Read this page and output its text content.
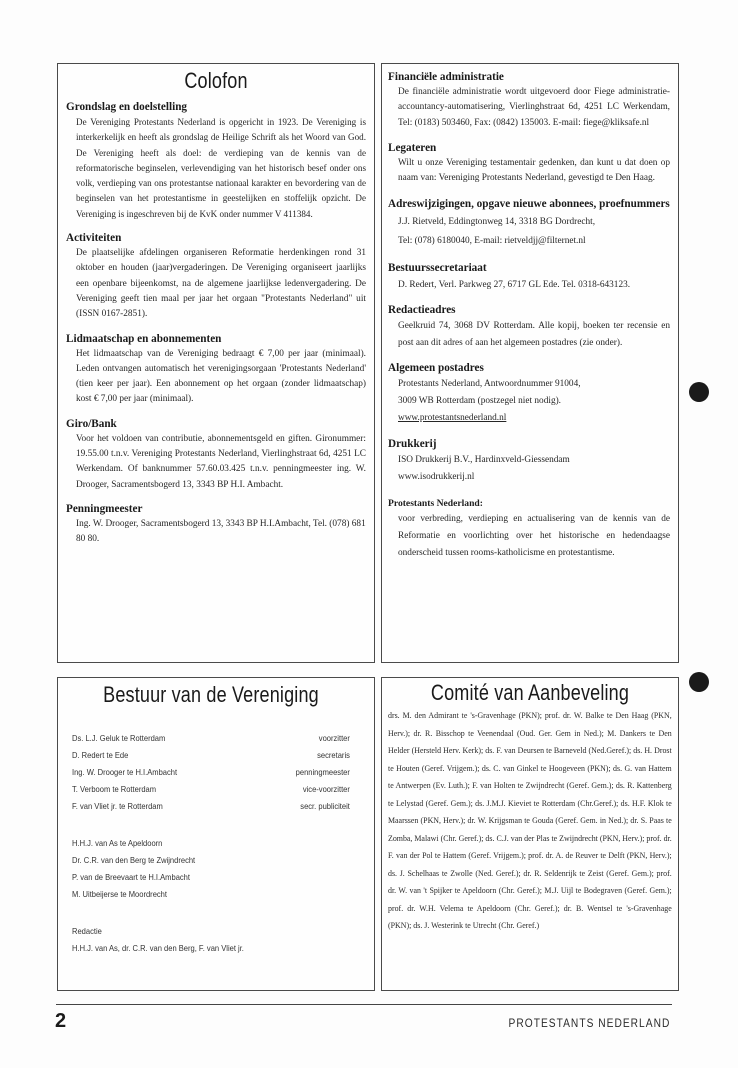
Colofon
Grondslag en doelstelling
De Vereniging Protestants Nederland is opgericht in 1923. De Vereniging is interkerkelijk en heeft als grondslag de Heilige Schrift als het Woord van God. De Vereniging heeft als doel: de verdieping van de kennis van de reformatorische beginselen, verlevendiging van het historisch besef onder ons volk, verdieping van ons protestantse nationaal karakter en bevordering van de beginselen van het protestantisme in geestelijken en stoffelijk opzicht. De Vereniging is ingeschreven bij de KvK onder nummer V 411384.
Activiteiten
De plaatselijke afdelingen organiseren Reformatie herdenkingen rond 31 oktober en houden (jaar)vergaderingen. De Vereniging organiseert jaarlijks een openbare bijeenkomst, na de algemene jaarlijkse ledenvergadering. De Vereniging geeft tien maal per jaar het orgaan "Protestants Nederland" uit (ISSN 0167-2851).
Lidmaatschap en abonnementen
Het lidmaatschap van de Vereniging bedraagt € 7,00 per jaar (minimaal). Leden ontvangen automatisch het verenigingsorgaan 'Protestants Nederland' (tien keer per jaar). Een abonnement op het orgaan (zonder lidmaatschap) kost € 7,00 per jaar (minimaal).
Giro/Bank
Voor het voldoen van contributie, abonnementsgeld en giften. Gironummer: 19.55.00 t.n.v. Vereniging Protestants Nederland, Vierlinghstraat 6d, 4251 LC Werkendam. Of banknummer 57.60.03.425 t.n.v. penningmeester ing. W. Drooger, Sacramentsbogerd 13, 3343 BP H.I. Ambacht.
Penningmeester
Ing. W. Drooger, Sacramentsbogerd 13, 3343 BP H.I.Ambacht, Tel. (078) 681 80 80.
Financiële administratie
De financiële administratie wordt uitgevoerd door Fiege administratie-accountancy-automatisering, Vierlinghstraat 6d, 4251 LC Werkendam, Tel: (0183) 503460, Fax: (0842) 135003. E-mail: fiege@kliksafe.nl
Legateren
Wilt u onze Vereniging testamentair gedenken, dan kunt u dat doen op naam van: Vereniging Protestants Nederland, gevestigd te Den Haag.
Adreswijzigingen, opgave nieuwe abonnees, proefnummers
J.J. Rietveld, Eddingtonweg 14, 3318 BG Dordrecht,
Tel: (078) 6180040, E-mail: rietveldjj@filternet.nl
Bestuurssecretariaat
D. Redert, Verl. Parkweg 27, 6717 GL Ede. Tel. 0318-643123.
Redactieadres
Geelkruid 74, 3068 DV Rotterdam. Alle kopij, boeken ter recensie en post aan dit adres of aan het algemeen postadres (zie onder).
Algemeen postadres
Protestants Nederland, Antwoordnummer 91004,
3009 WB Rotterdam (postzegel niet nodig).
www.protestantsnederland.nl
Drukkerij
ISO Drukkerij B.V., Hardinxveld-Giessendam
www.isodrukkerij.nl
Protestants Nederland:
voor verbreding, verdieping en actualisering van de kennis van de Reformatie en voorlichting over het historische en hedendaagse onderscheid tussen rooms-katholicisme en protestantisme.
Bestuur van de Vereniging
Ds. L.J. Geluk te Rotterdam	voorzitter
D. Redert te Ede	secretaris
Ing. W. Drooger te H.I.Ambacht	penningmeester
T. Verboom te Rotterdam	vice-voorzitter
F. van Vliet jr. te Rotterdam	secr. publiciteit
H.H.J. van As te Apeldoorn
Dr. C.R. van den Berg te Zwijndrecht
P. van de Breevaart te H.I.Ambacht
M. Uitbeijerse te Moordrecht
Redactie
H.H.J. van As, dr. C.R. van den Berg, F. van Vliet jr.
Comité van Aanbeveling
drs. M. den Admirant te 's-Gravenhage (PKN); prof. dr. W. Balke te Den Haag (PKN, Herv.); dr. R. Bisschop te Veenendaal (Oud. Ger. Gem in Ned.); M. Dankers te Den Helder (Hersteld Herv. Kerk); ds. F. van Deursen te Barneveld (Ned.Geref.); ds. H. Drost te Houten (Geref. Vrijgem.); ds. C. van Ginkel te Hoogeveen (PKN); ds. G. van Hattem te Antwerpen (Ev. Luth.); F. van Holten te Zwijndrecht (Geref. Gem.); ds. R. Kattenberg te Lelystad (Geref. Gem.); ds. J.M.J. Kieviet te Rotterdam (Chr.Geref.); ds. H.F. Klok te Maarssen (PKN, Herv.); dr. W. Krijgsman te Gouda (Geref. Gem. in Ned.); dr. S. Paas te Zomba, Malawi (Chr. Geref.); ds. C.J. van der Plas te Zwijndrecht (PKN, Herv.); prof. dr. F. van der Pol te Hattem (Geref. Vrijgem.); prof. dr. A. de Reuver te Delft (PKN, Herv.); ds. J. Schelhaas te Zwolle (Ned. Geref.); dr. R. Seldenrijk te Zeist (Geref. Gem.); prof. dr. W. van 't Spijker te Apeldoorn (Chr. Geref.); M.J. Uijl te Bodegraven (Geref. Gem.); prof. dr. W.H. Velema te Apeldoorn (Chr. Geref.); dr. B. Wentsel te 's-Gravenhage (PKN); ds. J. Westerink te Utrecht (Chr. Geref.)
2	PROTESTANTS NEDERLAND
